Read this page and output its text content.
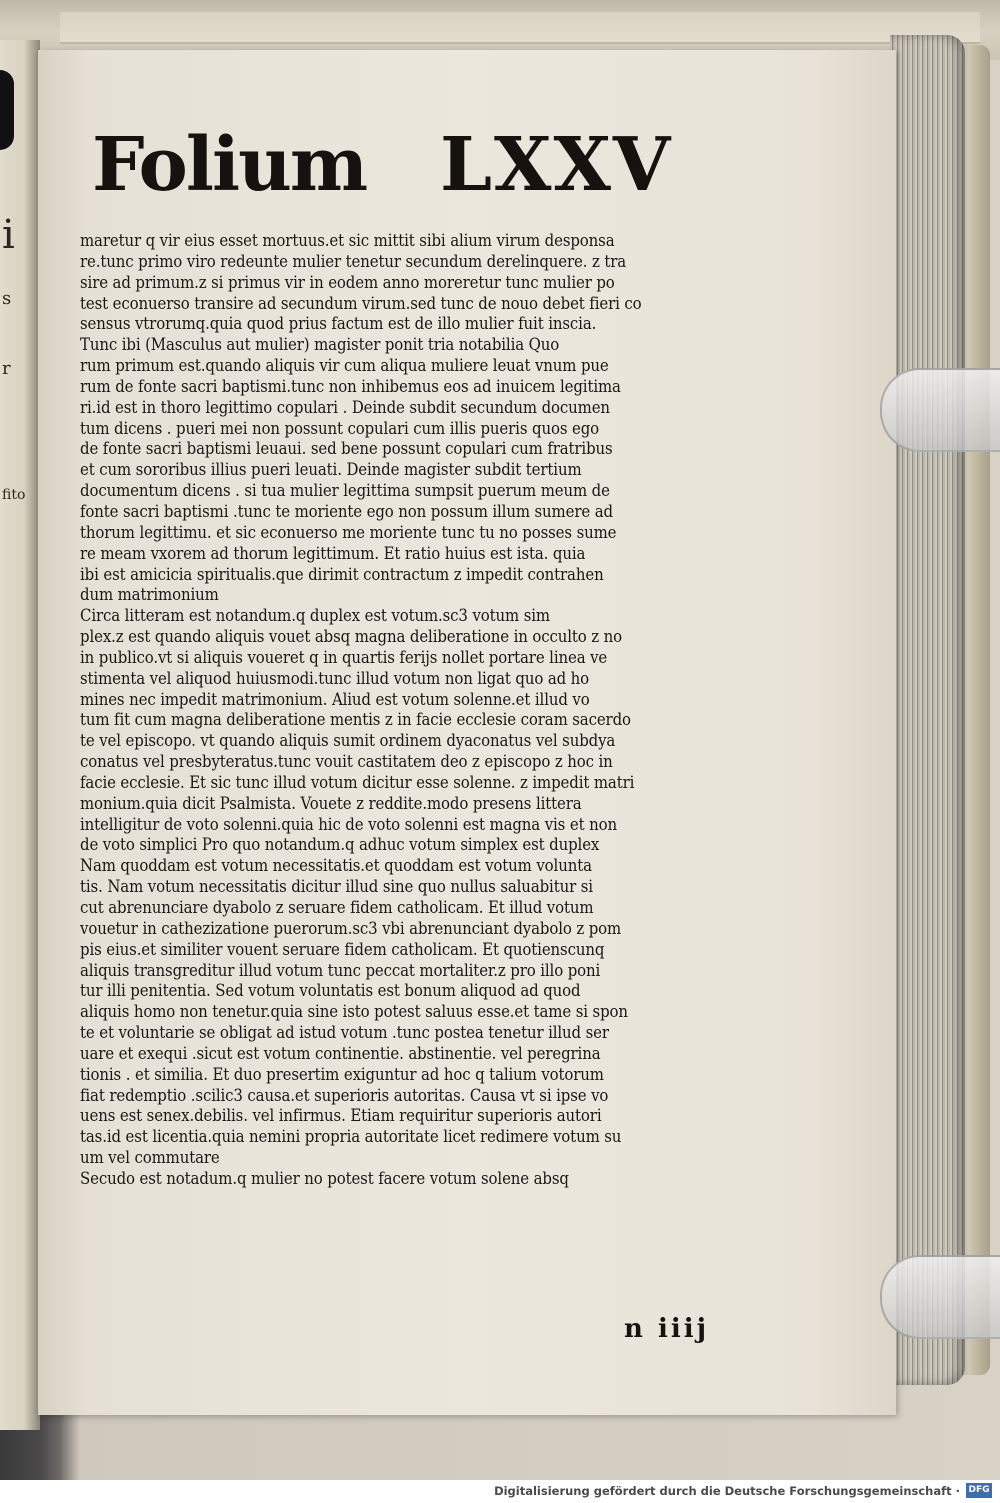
i
s
r
fito
Folium LXXV
maretur q vir eius esset mortuus.et sic mittit sibi alium virum desponsa
re.tunc primo viro redeunte mulier tenetur secundum derelinquere. z tra
sire ad primum.z si primus vir in eodem anno moreretur tunc mulier po
test econuerso transire ad secundum virum.sed tunc de nouo debet fieri co
sensus vtrorumq.quia quod prius factum est de illo mulier fuit inscia.
Tunc ibi (Masculus aut mulier) magister ponit tria notabilia Quo
rum primum est.quando aliquis vir cum aliqua muliere leuat vnum pue
rum de fonte sacri baptismi.tunc non inhibemus eos ad inuicem legitima
ri.id est in thoro legittimo copulari . Deinde subdit secundum documen
tum dicens . pueri mei non possunt copulari cum illis pueris quos ego
de fonte sacri baptismi leuaui. sed bene possunt copulari cum fratribus
et cum sororibus illius pueri leuati. Deinde magister subdit tertium
documentum dicens . si tua mulier legittima sumpsit puerum meum de
fonte sacri baptismi .tunc te moriente ego non possum illum sumere ad
thorum legittimu. et sic econuerso me moriente tunc tu no posses sume
re meam vxorem ad thorum legittimum. Et ratio huius est ista. quia
ibi est amicicia spiritualis.que dirimit contractum z impedit contrahen
dum matrimonium
Circa litteram est notandum.q duplex est votum.sc3 votum sim
plex.z est quando aliquis vouet absq magna deliberatione in occulto z no
in publico.vt si aliquis voueret q in quartis ferijs nollet portare linea ve
stimenta vel aliquod huiusmodi.tunc illud votum non ligat quo ad ho
mines nec impedit matrimonium. Aliud est votum solenne.et illud vo
tum fit cum magna deliberatione mentis z in facie ecclesie coram sacerdo
te vel episcopo. vt quando aliquis sumit ordinem dyaconatus vel subdya
conatus vel presbyteratus.tunc vouit castitatem deo z episcopo z hoc in
facie ecclesie. Et sic tunc illud votum dicitur esse solenne. z impedit matri
monium.quia dicit Psalmista. Vouete z reddite.modo presens littera
intelligitur de voto solenni.quia hic de voto solenni est magna vis et non
de voto simplici Pro quo notandum.q adhuc votum simplex est duplex
Nam quoddam est votum necessitatis.et quoddam est votum volunta
tis. Nam votum necessitatis dicitur illud sine quo nullus saluabitur si
cut abrenunciare dyabolo z seruare fidem catholicam. Et illud votum
vouetur in cathezizatione puerorum.sc3 vbi abrenunciant dyabolo z pom
pis eius.et similiter vouent seruare fidem catholicam. Et quotienscunq
aliquis transgreditur illud votum tunc peccat mortaliter.z pro illo poni
tur illi penitentia. Sed votum voluntatis est bonum aliquod ad quod
aliquis homo non tenetur.quia sine isto potest saluus esse.et tame si spon
te et voluntarie se obligat ad istud votum .tunc postea tenetur illud ser
uare et exequi .sicut est votum continentie. abstinentie. vel peregrina
tionis . et similia. Et duo presertim exiguntur ad hoc q talium votorum
fiat redemptio .scilic3 causa.et superioris autoritas. Causa vt si ipse vo
uens est senex.debilis. vel infirmus. Etiam requiritur superioris autori
tas.id est licentia.quia nemini propria autoritate licet redimere votum su
um vel commutare
Secudo est notadum.q mulier no potest facere votum solene absq
n iiij
Digitalisierung gefördert durch die Deutsche Forschungsgemeinschaft · DFG
